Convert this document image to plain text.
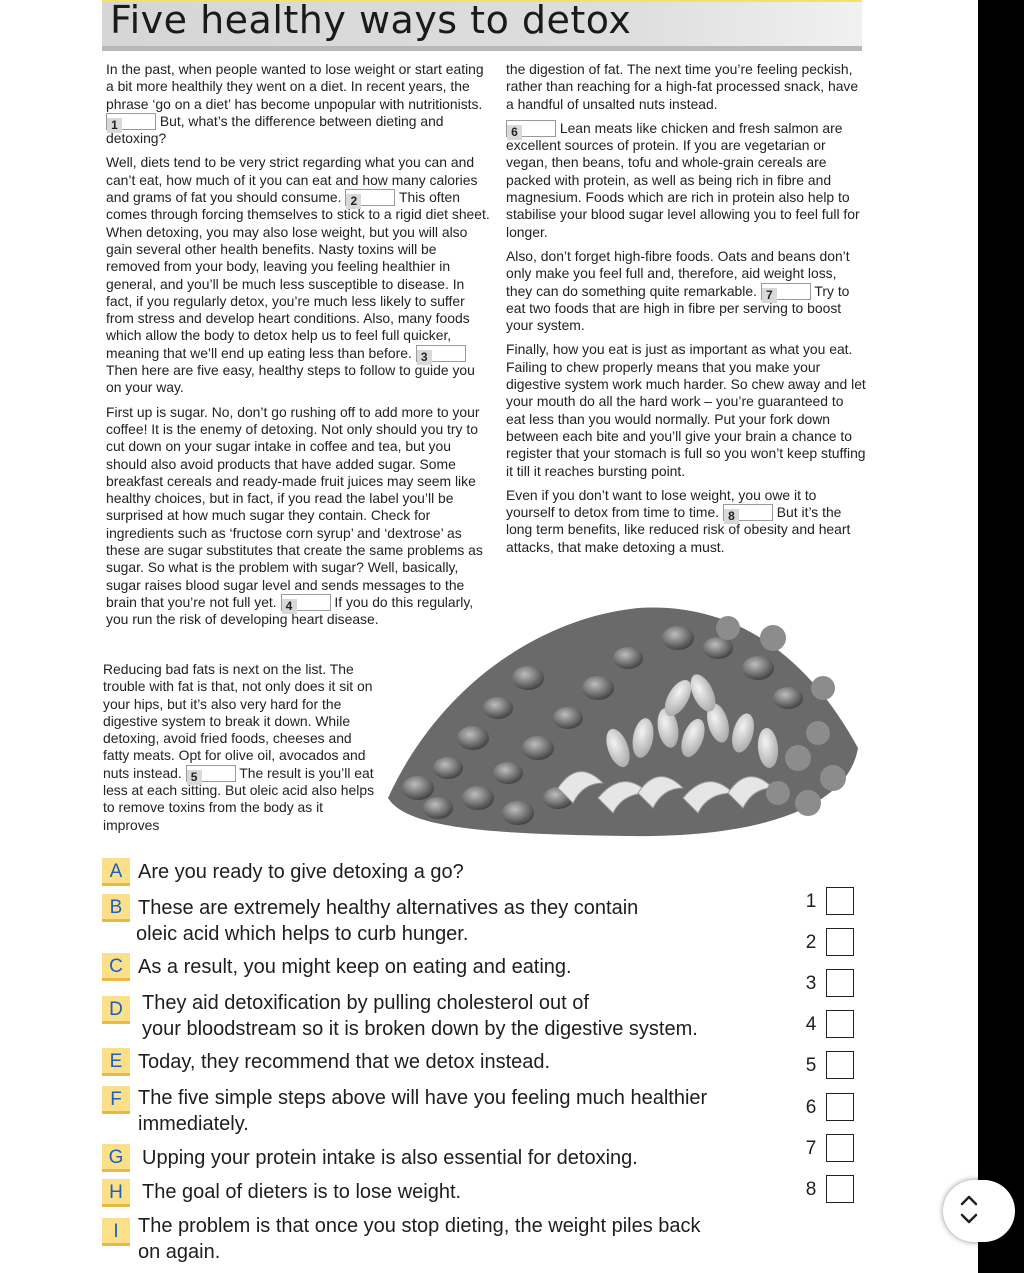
Five healthy ways to detox

In the past, when people wanted to lose weight or start eating a bit more healthily they went on a diet. In recent years, the phrase ‘go on a diet’ has become unpopular with nutritionists. 1	But, what’s the difference between dieting and detoxing?

Well, diets tend to be very strict regarding what you can and can’t eat, how much of it you can eat and how many calories and grams of fat you should consume. 2	This often comes through forcing themselves to stick to a rigid diet sheet. When detoxing, you may also lose weight, but you will also gain several other health benefits. Nasty toxins will be removed from your body, leaving you feeling healthier in general, and you’ll be much less susceptible to disease. In fact, if you regularly detox, you’re much less likely to suffer from stress and develop heart conditions. Also, many foods which allow the body to detox help us to feel full quicker, meaning that we’ll end up eating less than before. 3 Then here are five easy, healthy steps to follow to guide you on your way.

First up is sugar. No, don’t go rushing off to add more to your coffee! It is the enemy of detoxing. Not only should you try to cut down on your sugar intake in coffee and tea, but you should also avoid products that have added sugar. Some breakfast cereals and ready-made fruit juices may seem like healthy choices, but in fact, if you read the label you’ll be surprised at how much sugar they contain. Check for ingredients such as ‘fructose corn syrup’ and ‘dextrose’ as these are sugar substitutes that create the same problems as sugar. So what is the problem with sugar? Well, basically, sugar raises blood sugar level and sends messages to the brain that you’re not full yet. 4	If you do this regularly, you run the risk of developing heart disease.

Reducing bad fats is next on the list. The trouble with fat is that, not only does it sit on your hips, but it’s also very hard for the digestive system to break it down. While detoxing, avoid fried foods, cheeses and fatty meats. Opt for olive oil, avocados and nuts instead. 5	The result is you’ll eat less at each sitting. But oleic acid also helps to remove toxins from the body as it improves

the digestion of fat. The next time you’re feeling peckish, rather than reaching for a high-fat processed snack, have a handful of unsalted nuts instead.

6	Lean meats like chicken and fresh salmon are excellent sources of protein. If you are vegetarian or vegan, then beans, tofu and whole-grain cereals are packed with protein, as well as being rich in fibre and magnesium. Foods which are rich in protein also help to stabilise your blood sugar level allowing you to feel full for longer.

Also, don’t forget high-fibre foods. Oats and beans don’t only make you feel full and, therefore, aid weight loss, they can do something quite remarkable. 7	Try to eat two foods that are high in fibre per serving to boost your system.

Finally, how you eat is just as important as what you eat. Failing to chew properly means that you make your digestive system work much harder. So chew away and let your mouth do all the hard work – you’re guaranteed to eat less than you would normally. Put your fork down between each bite and you’ll give your brain a chance to register that your stomach is full so you won’t keep stuffing it till it reaches bursting point.

Even if you don’t want to lose weight, you owe it to yourself to detox from time to time. 8	But it’s the long term benefits, like reduced risk of obesity and heart attacks, that make detoxing a must.

A Are you ready to give detoxing a go?
B These are extremely healthy alternatives as they contain
oleic acid which helps to curb hunger.
C As a result, you might keep on eating and eating.
D They aid detoxification by pulling cholesterol out of
your bloodstream so it is broken down by the digestive system.
E Today, they recommend that we detox instead.
F The five simple steps above will have you feeling much healthier
immediately.
G Upping your protein intake is also essential for detoxing.
H The goal of dieters is to lose weight.
I The problem is that once you stop dieting, the weight piles back
on again.
1
2
3
4
5
6
7
8
